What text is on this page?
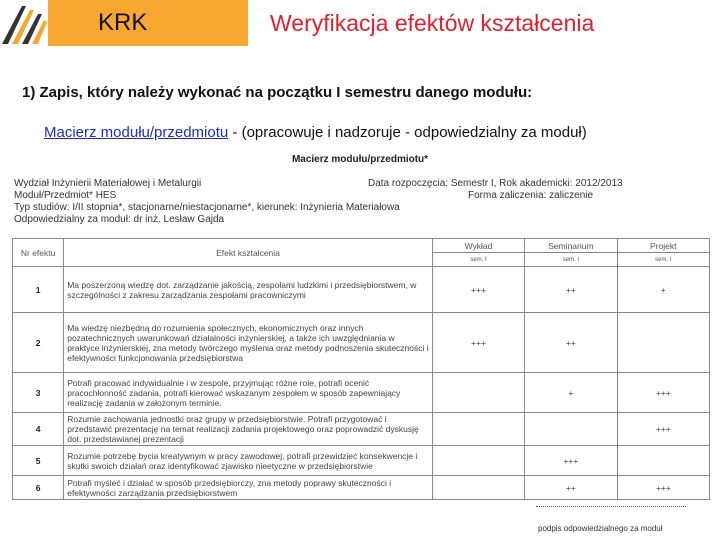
KRK	Weryfikacja efektów kształcenia
1) Zapis, który należy wykonać na początku I semestru danego modułu:
Macierz modułu/przedmiotu - (opracowuje i nadzoruje - odpowiedzialny za moduł)
Macierz modułu/przedmiotu*
Wydział Inżynierii Materiałowej i Metalurgii	Data rozpoczęcia: Semestr I, Rok akademicki: 2012/2013
Moduł/Przedmiot* HES	Forma zaliczenia: zaliczenie
Typ studiów: I/II stopnia*, stacjonarne/niestacjonarne*, kierunek: Inżynieria Materiałowa
Odpowiedzialny za moduł: dr inż. Lesław Gajda
Nr efektu	Efekt kształcenia	Wykład	Seminarium	Projekt
		sem. I	sem. I	sem. I
1	Ma poszerzoną wiedzę dot. zarządzanie jakością, zespołami ludzkimi i przedsiębiorstwem, w szczególności z zakresu zarządzania zespołami pracowniczymi	+++	++	+
2	Ma wiedzę niezbędną do rozumienia społecznych, ekonomicznych oraz innych pozatechnicznych uwarunkowań działalności inżynierskiej, a także ich uwzględniania w praktyce inżynierskiej, zna metody twórczego myślenia oraz metody podnoszenia skuteczności i efektywności funkcjonowania przedsiębiorstwa	+++	++	
3	Potrafi pracować indywidualnie i w zespole, przyjmując różne role, potrafi ocenić pracochłonność zadania, potrafi kierować wskazanym zespołem w sposób zapewniający realizację zadania w założonym terminie.		+	+++
4	Rozumie zachowania jednostki oraz grupy w przedsiębiorstwie. Potrafi przygotować i przedstawić prezentację na temat realizacji zadania projektowego oraz poprowadzić dyskusję dot. przedstawianej prezentacji			+++
5	Rozumie potrzebę bycia kreatywnym w pracy zawodowej, potrafi przewidzieć konsekwencje i skutki swoich działań oraz identyfikować zjawisko nieetyczne w przedsiębiorstwie		+++	
6	Potrafi myśleć i działać w sposób przedsiębiorczy, zna metody poprawy skuteczności i efektywności zarządzania przedsiębiorstwem		++	+++
podpis odpowiedzialnego za moduł
